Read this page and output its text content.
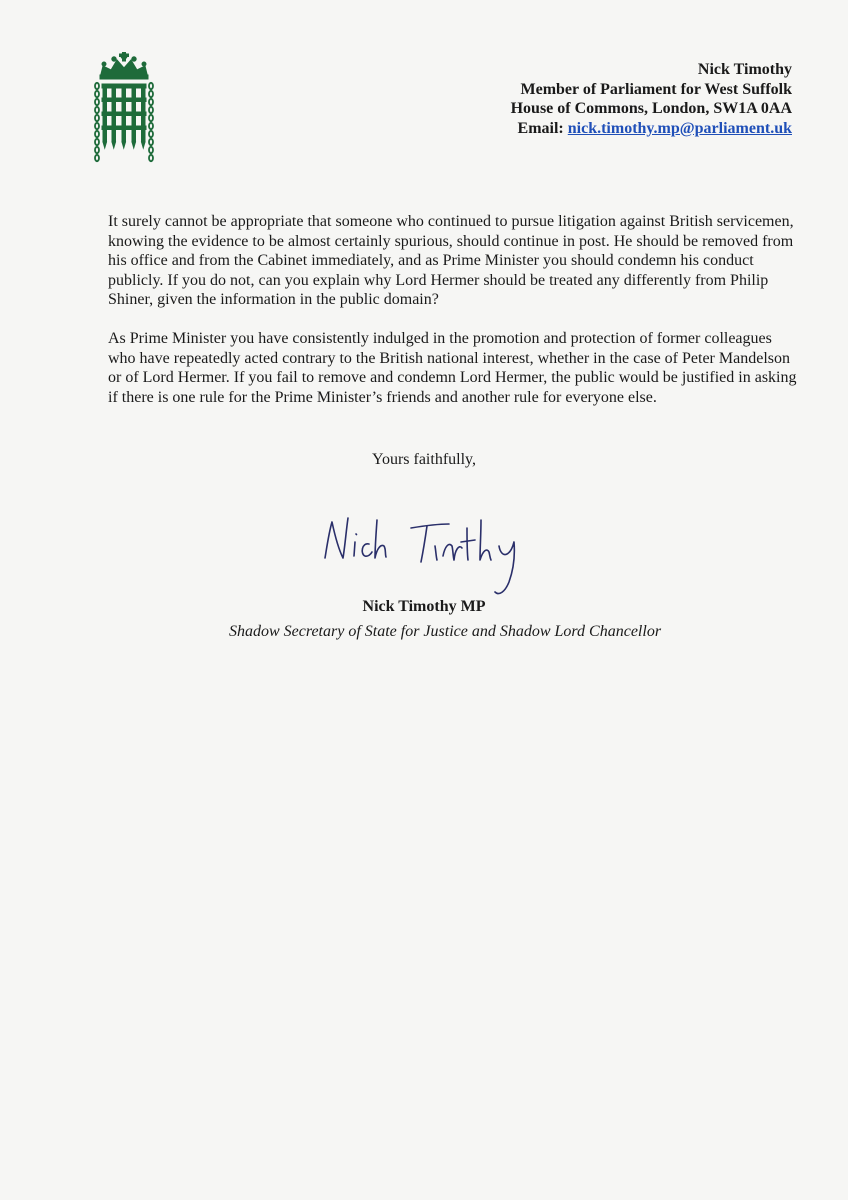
Nick Timothy
Member of Parliament for West Suffolk
House of Commons, London, SW1A 0AA
Email: nick.timothy.mp@parliament.uk

It surely cannot be appropriate that someone who continued to pursue litigation against British servicemen, knowing the evidence to be almost certainly spurious, should continue in post. He should be removed from his office and from the Cabinet immediately, and as Prime Minister you should condemn his conduct publicly. If you do not, can you explain why Lord Hermer should be treated any differently from Philip Shiner, given the information in the public domain?

As Prime Minister you have consistently indulged in the promotion and protection of former colleagues who have repeatedly acted contrary to the British national interest, whether in the case of Peter Mandelson or of Lord Hermer. If you fail to remove and condemn Lord Hermer, the public would be justified in asking if there is one rule for the Prime Minister’s friends and another rule for everyone else.

Yours faithfully,
Nick Timothy MP
Shadow Secretary of State for Justice and Shadow Lord Chancellor
